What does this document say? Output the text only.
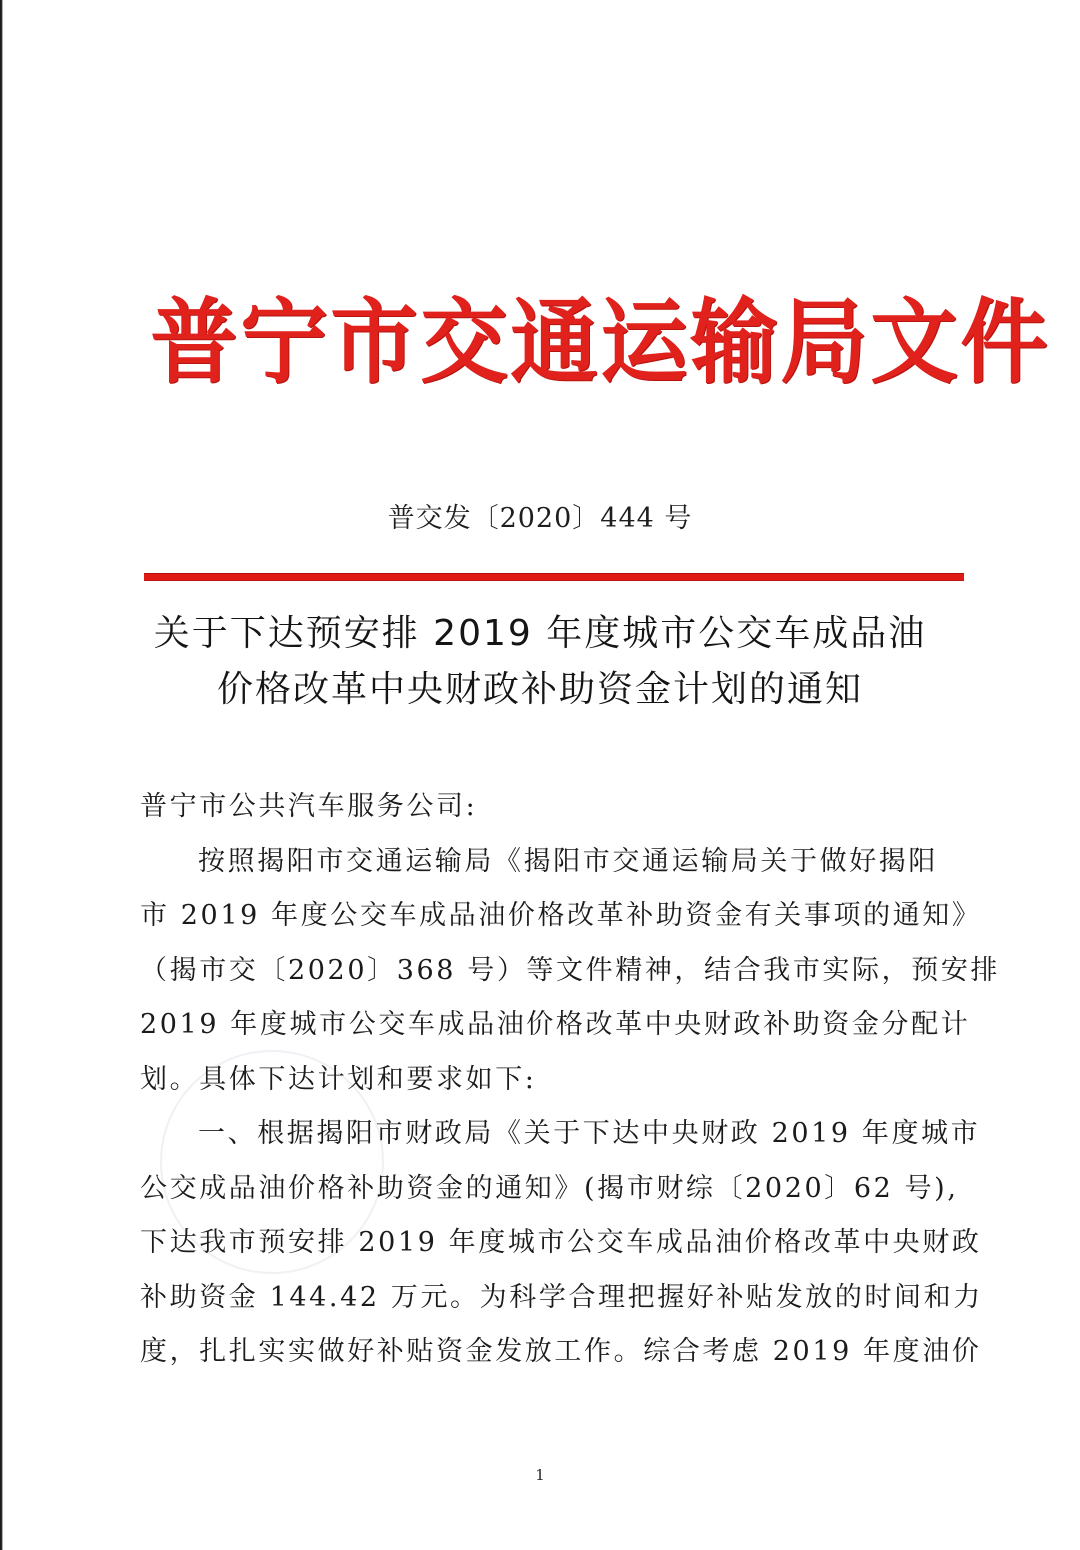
普 宁 市 交 通 运 输 局 文 件
普交发〔2020〕444 号
关于下达预安排 2019 年度城市公交车成品油
价格改革中央财政补助资金计划的通知
普宁市公共汽车服务公司:
按照揭阳市交通运输局《揭阳市交通运输局关于做好揭阳
市 2019 年度公交车成品油价格改革补助资金有关事项的通知》
（揭市交〔2020〕368 号）等文件精神，结合我市实际，预安排
2019 年度城市公交车成品油价格改革中央财政补助资金分配计
划。具体下达计划和要求如下:
一、根据揭阳市财政局《关于下达中央财政 2019 年度城市
公交成品油价格补助资金的通知》(揭市财综〔2020〕62 号),
下达我市预安排 2019 年度城市公交车成品油价格改革中央财政
补助资金 144.42 万元。为科学合理把握好补贴发放的时间和力
度，扎扎实实做好补贴资金发放工作。综合考虑 2019 年度油价
1
